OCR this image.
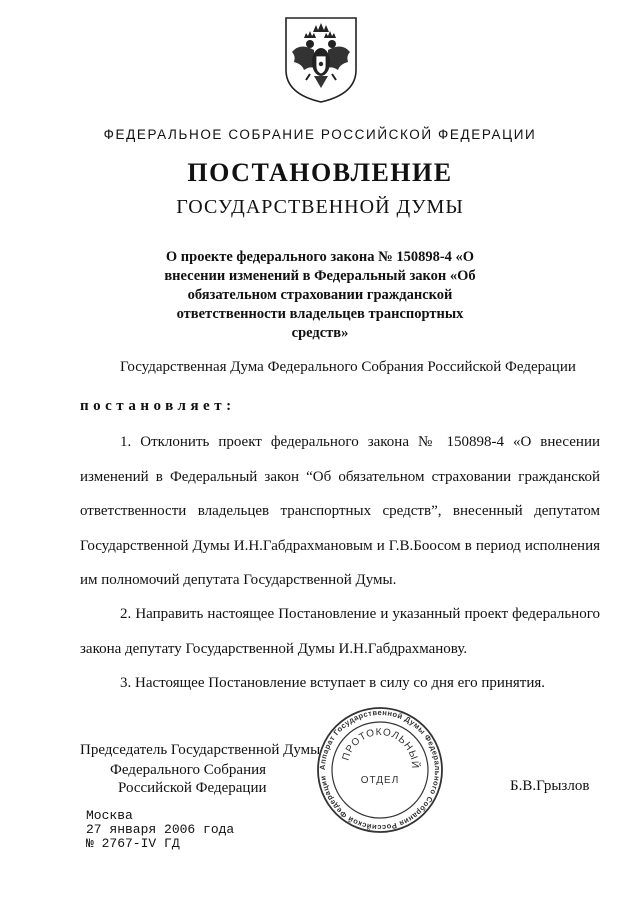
ФЕДЕРАЛЬНОЕ СОБРАНИЕ РОССИЙСКОЙ ФЕДЕРАЦИИ
ПОСТАНОВЛЕНИЕ
ГОСУДАРСТВЕННОЙ ДУМЫ
О проекте федерального закона № 150898-4 «О внесении изменений в Федеральный закон «Об обязательном страховании гражданской ответственности владельцев транспортных средств»
Государственная Дума Федерального Собрания Российской Федерации
постановляет:
1. Отклонить проект федерального закона № 150898-4 «О внесении изменений в Федеральный закон “Об обязательном страховании гражданской ответственности владельцев транспортных средств”, внесенный депутатом Государственной Думы И.Н.Габдрахмановым и Г.В.Боосом в период исполнения им полномочий депутата Государственной Думы.
2. Направить настоящее Постановление и указанный проект федерального закона депутату Государственной Думы И.Н.Габдрахманову.
3. Настоящее Постановление вступает в силу со дня его принятия.
Председатель Государственной Думы
Федерального Собрания
Российской Федерации	Б.В.Грызлов
Аппарат Государственной Думы Федерального Собрания Российской Федерации
ПРОТОКОЛЬНЫЙ
ОТДЕЛ
Москва
27 января 2006 года
№ 2767-IV ГД
